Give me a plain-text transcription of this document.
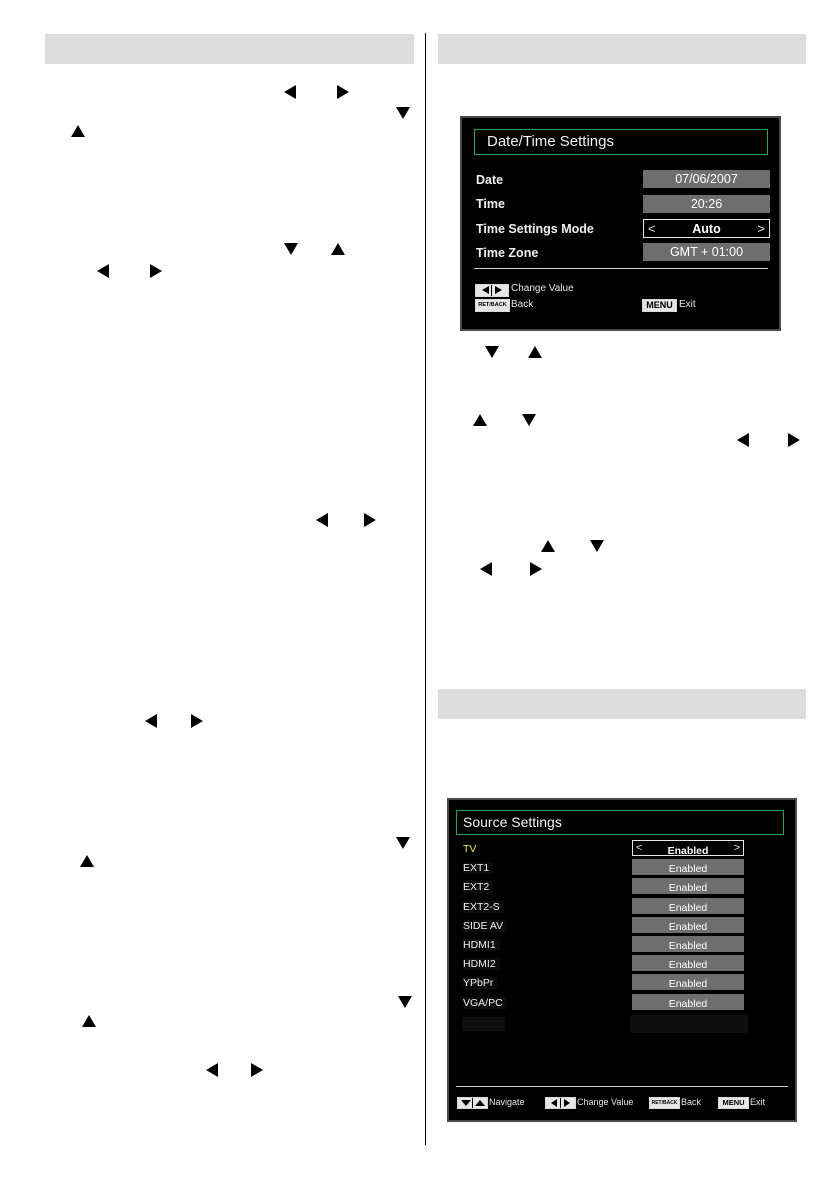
Date/Time Settings
Date	07/06/2007
Time	20:26
Time Settings Mode	<	Auto	>
Time Zone	GMT + 01:00
Change Value
RET/BACK Back	MENU Exit
Source Settings
TV	< Enabled >
EXT1	Enabled
EXT2	Enabled
EXT2-S	Enabled
SIDE AV	Enabled
HDMI1	Enabled
HDMI2	Enabled
YPbPr	Enabled
VGA/PC	Enabled
Navigate	Change Value	RET/BACK Back	MENU Exit
